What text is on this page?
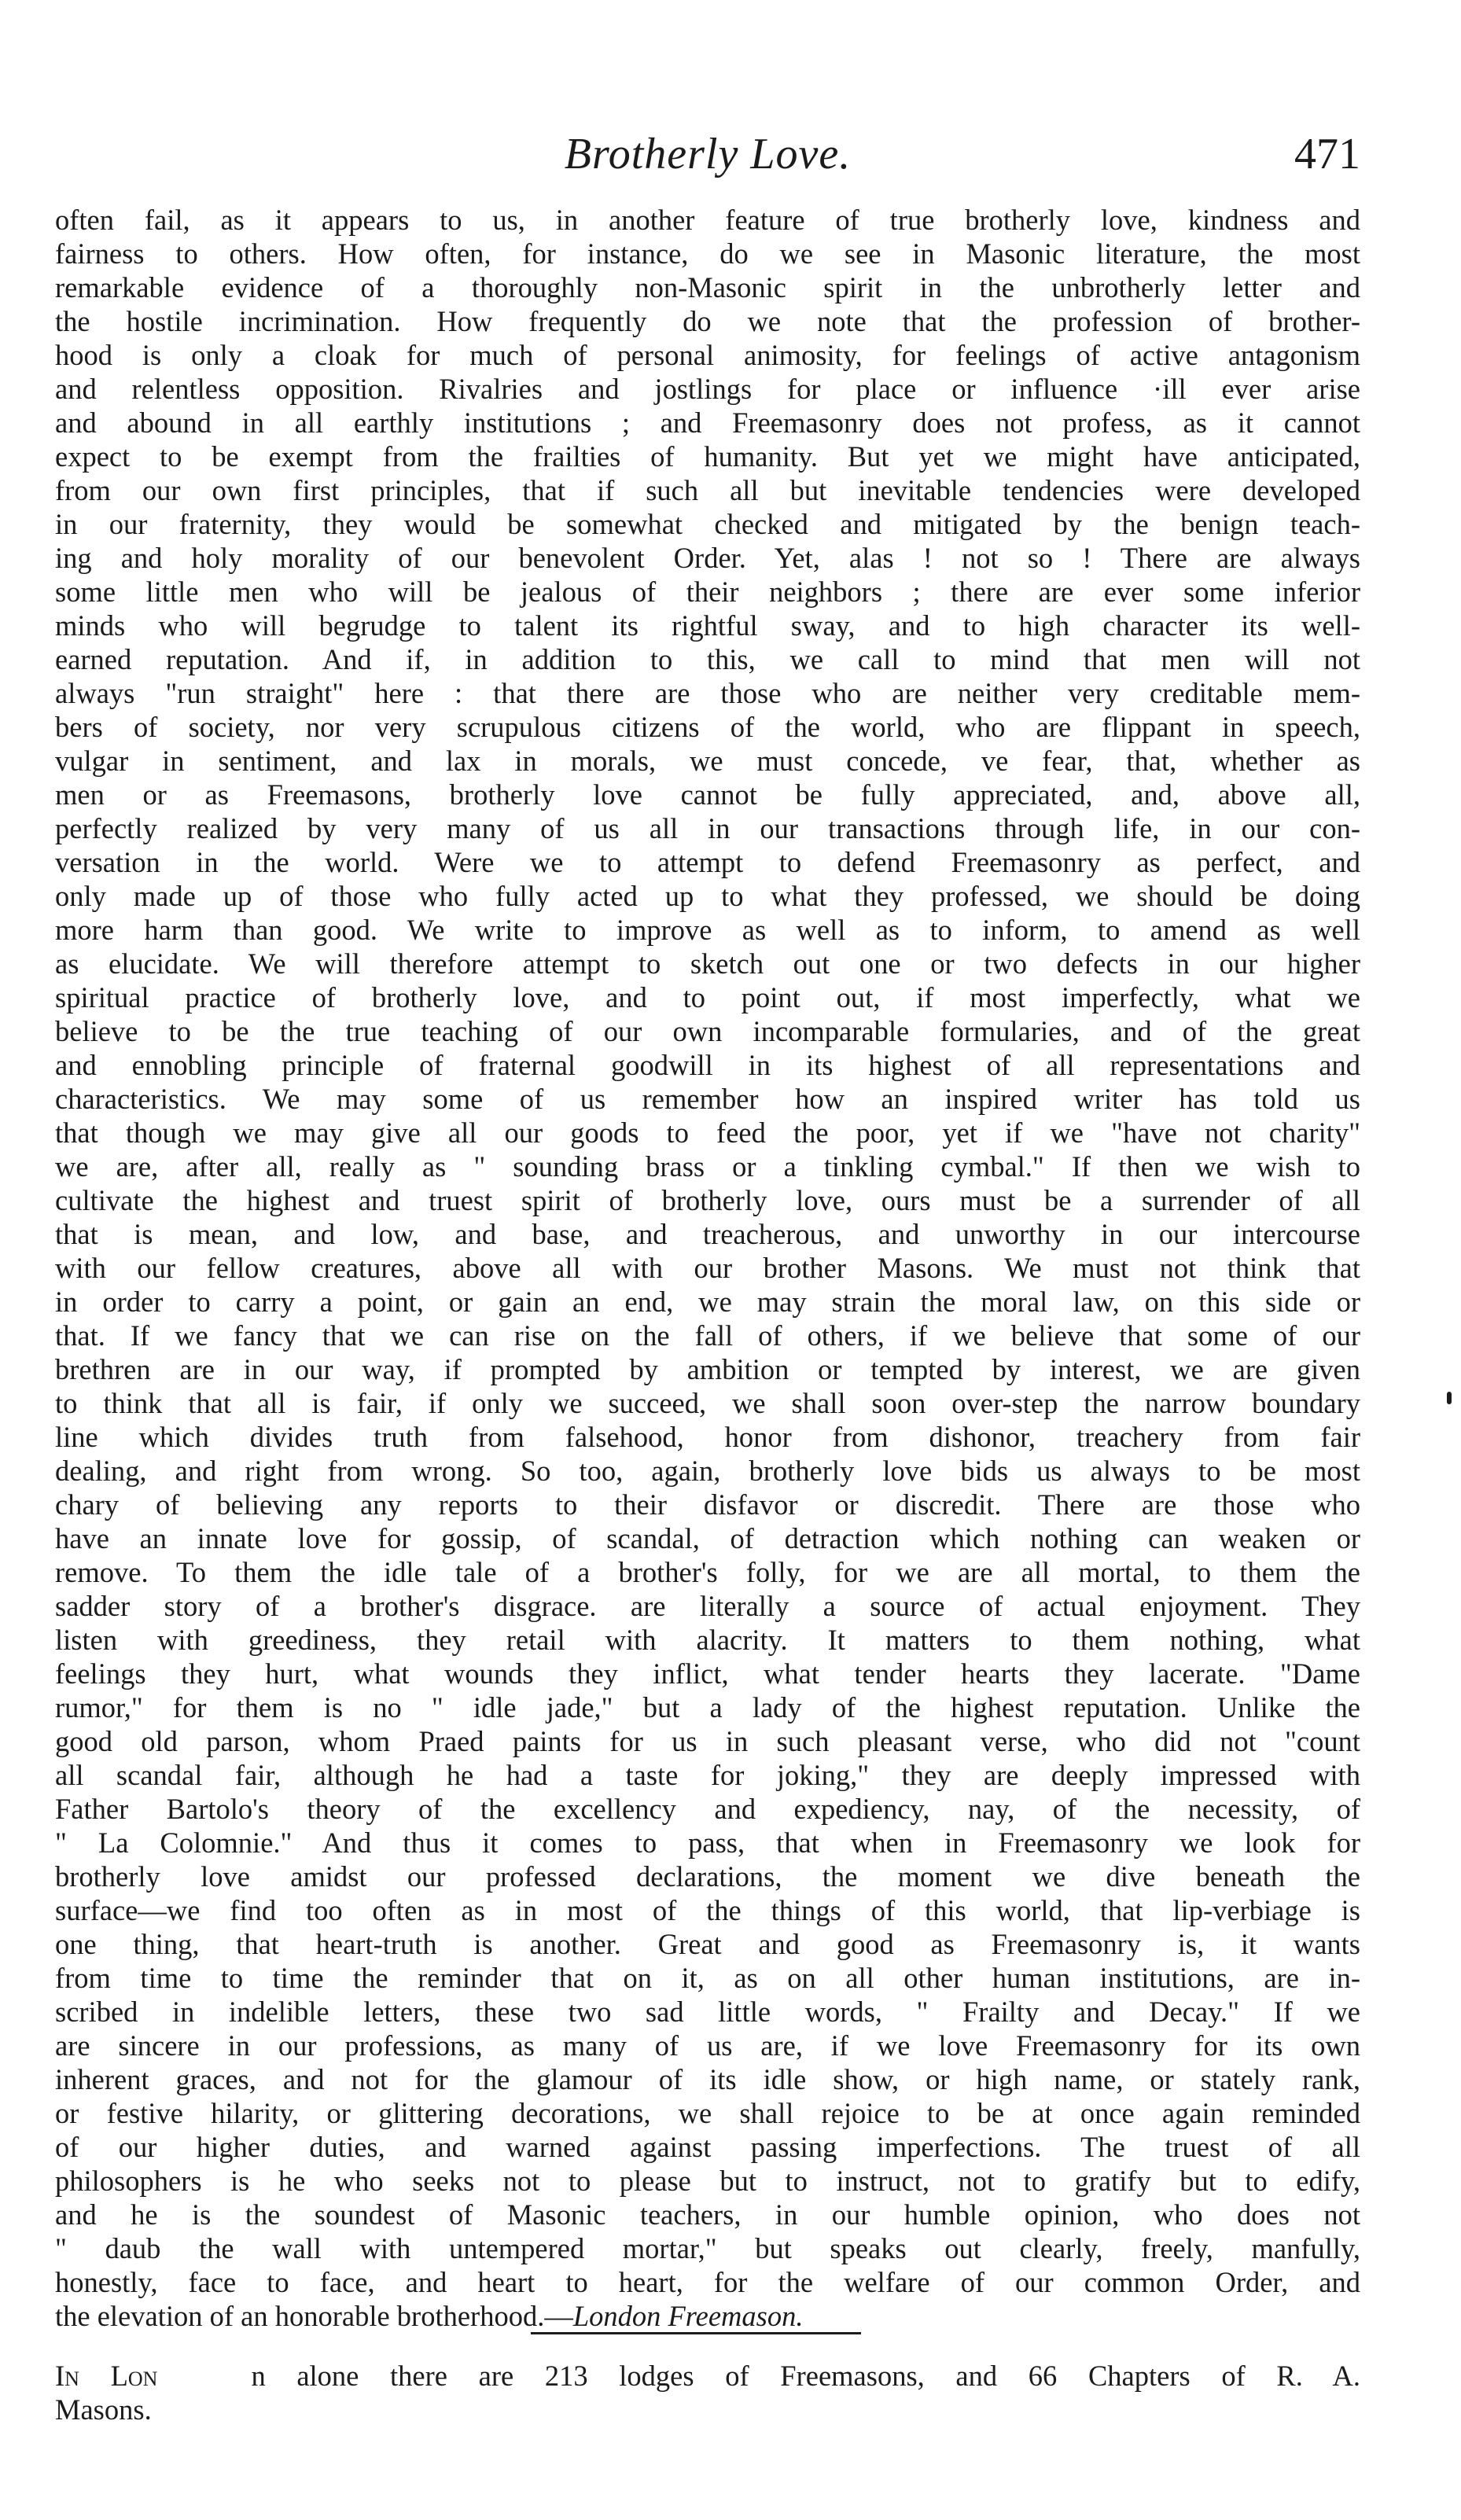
Brotherly Love.	471
often fail, as it appears to us, in another feature of true brotherly love, kindness and
fairness to others. How often, for instance, do we see in Masonic literature, the most
remarkable evidence of a thoroughly non-Masonic spirit in the unbrotherly letter and
the hostile incrimination. How frequently do we note that the profession of brother-
hood is only a cloak for much of personal animosity, for feelings of active antagonism
and relentless opposition. Rivalries and jostlings for place or influence ·ill ever arise
and abound in all earthly institutions ; and Freemasonry does not profess, as it cannot
expect to be exempt from the frailties of humanity. But yet we might have anticipated,
from our own first principles, that if such all but inevitable tendencies were developed
in our fraternity, they would be somewhat checked and mitigated by the benign teach-
ing and holy morality of our benevolent Order. Yet, alas ! not so ! There are always
some little men who will be jealous of their neighbors ; there are ever some inferior
minds who will begrudge to talent its rightful sway, and to high character its well-
earned reputation. And if, in addition to this, we call to mind that men will not
always "run straight" here : that there are those who are neither very creditable mem-
bers of society, nor very scrupulous citizens of the world, who are flippant in speech,
vulgar in sentiment, and lax in morals, we must concede, ve fear, that, whether as
men or as Freemasons, brotherly love cannot be fully appreciated, and, above all,
perfectly realized by very many of us all in our transactions through life, in our con-
versation in the world. Were we to attempt to defend Freemasonry as perfect, and
only made up of those who fully acted up to what they professed, we should be doing
more harm than good. We write to improve as well as to inform, to amend as well
as elucidate. We will therefore attempt to sketch out one or two defects in our higher
spiritual practice of brotherly love, and to point out, if most imperfectly, what we
believe to be the true teaching of our own incomparable formularies, and of the great
and ennobling principle of fraternal goodwill in its highest of all representations and
characteristics. We may some of us remember how an inspired writer has told us
that though we may give all our goods to feed the poor, yet if we "have not charity"
we are, after all, really as " sounding brass or a tinkling cymbal." If then we wish to
cultivate the highest and truest spirit of brotherly love, ours must be a surrender of all
that is mean, and low, and base, and treacherous, and unworthy in our intercourse
with our fellow creatures, above all with our brother Masons. We must not think that
in order to carry a point, or gain an end, we may strain the moral law, on this side or
that. If we fancy that we can rise on the fall of others, if we believe that some of our
brethren are in our way, if prompted by ambition or tempted by interest, we are given
to think that all is fair, if only we succeed, we shall soon over-step the narrow boundary
line which divides truth from falsehood, honor from dishonor, treachery from fair
dealing, and right from wrong. So too, again, brotherly love bids us always to be most
chary of believing any reports to their disfavor or discredit. There are those who
have an innate love for gossip, of scandal, of detraction which nothing can weaken or
remove. To them the idle tale of a brother's folly, for we are all mortal, to them the
sadder story of a brother's disgrace. are literally a source of actual enjoyment. They
listen with greediness, they retail with alacrity. It matters to them nothing, what
feelings they hurt, what wounds they inflict, what tender hearts they lacerate. "Dame
rumor," for them is no " idle jade," but a lady of the highest reputation. Unlike the
good old parson, whom Praed paints for us in such pleasant verse, who did not "count
all scandal fair, although he had a taste for joking," they are deeply impressed with
Father Bartolo's theory of the excellency and expediency, nay, of the necessity, of
" La Colomnie." And thus it comes to pass, that when in Freemasonry we look for
brotherly love amidst our professed declarations, the moment we dive beneath the
surface—we find too often as in most of the things of this world, that lip-verbiage is
one thing, that heart-truth is another. Great and good as Freemasonry is, it wants
from time to time the reminder that on it, as on all other human institutions, are in-
scribed in indelible letters, these two sad little words, " Frailty and Decay." If we
are sincere in our professions, as many of us are, if we love Freemasonry for its own
inherent graces, and not for the glamour of its idle show, or high name, or stately rank,
or festive hilarity, or glittering decorations, we shall rejoice to be at once again reminded
of our higher duties, and warned against passing imperfections. The truest of all
philosophers is he who seeks not to please but to instruct, not to gratify but to edify,
and he is the soundest of Masonic teachers, in our humble opinion, who does not
" daub the wall with untempered mortar," but speaks out clearly, freely, manfully,
honestly, face to face, and heart to heart, for the welfare of our common Order, and
the elevation of an honorable brotherhood.—London Freemason.
In Lon	n alone there are 213 lodges of Freemasons, and 66 Chapters of R. A.
Masons.
